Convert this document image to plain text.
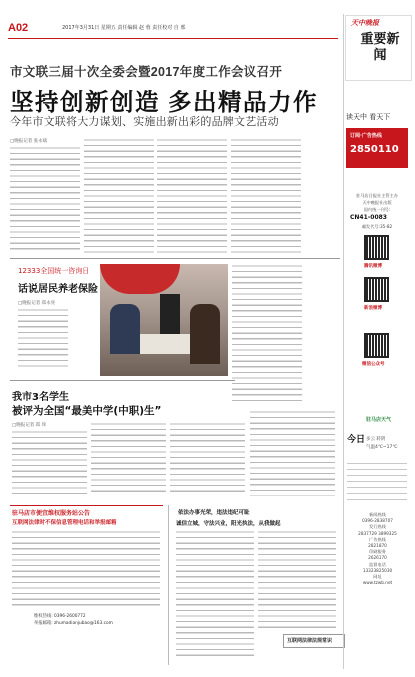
A02	2017年3月31日 星期五 责任编辑 赵 蓉 责任校对 自 邢
市文联三届十次全委会暨2017年度工作会议召开
坚持创新创造 多出精品力作
今年市文联将大力谋划、实施出新出彩的品牌文艺活动
□晚报记者 张永斌
12333全国统一咨询日
话说居民养老保险
□晚报记者 郑永亮
我市3名学生
被评为全国“最美中学(中职)生”
□晚报记者 郑 珍
驻马店市便宜维权服务站公告
互联网法律时不保信息管理电话和举报邮箱
维权热线: 0396-2600772
举报邮箱: zhumadianjubao@163.com
依法办事光荣，违法违纪可耻
诚信立城，守法兴业，阳光执法，从我做起
互联网法律法规常识
天中晚报
重要新闻
读天中 看天下
订阅·广告热线
2850110
驻马店日报社主管主办
天中晚报社出版
国内统一刊号:
CN41-0083
邮发代号:35-82
腾讯微博
新浪微博
微信公众号
驻马店天气
今日 多云 转阴
气温4℃~17℃
新闻热线
0396-2838707
发行热线
2837729 3899325
广告热线
2821870
印刷服务
2626170
监督电话
13323825030
网址
www.tzwb.net
